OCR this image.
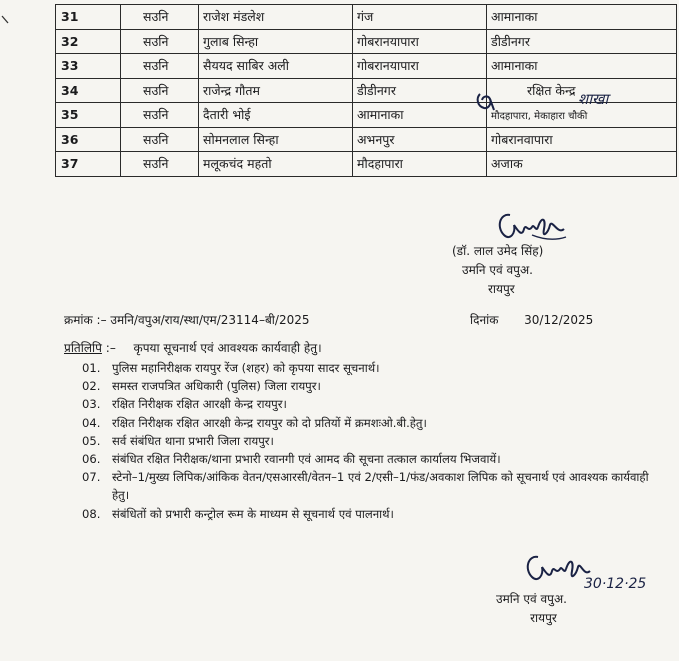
31	सउनि	राजेश मंडलेश	गंज	आमानाका
32	सउनि	गुलाब सिन्हा	गोबरानयापारा	डीडीनगर
33	सउनि	सैययद साबिर अली	गोबरानयापारा	आमानाका
34	सउनि	राजेन्द्र गौतम	डीडीनगर	रक्षित केन्द्र
35	सउनि	दैतारी भोई	आमानाका	मौदहापारा, मेकाहारा चौकी
36	सउनि	सोमनलाल सिन्हा	अभनपुर	गोबरानवापारा
37	सउनि	मलूकचंद महतो	मौदहापारा	अजाक
शाखा
(डॉ. लाल उमेद सिंह)
उमनि एवं वपुअ.
रायपुर
क्रमांक :– उमनि/वपुअ/राय/स्था/एम/23114–बी/2025	दिनांक 30/12/2025
प्रतिलिपि :– कृपया सूचनार्थ एवं आवश्यक कार्यवाही हेतु।
01. पुलिस महानिरीक्षक रायपुर रेंज (शहर) को कृपया सादर सूचनार्थ।
02. समस्त राजपत्रित अधिकारी (पुलिस) जिला रायपुर।
03. रक्षित निरीक्षक रक्षित आरक्षी केन्द्र रायपुर।
04. रक्षित निरीक्षक रक्षित आरक्षी केन्द्र रायपुर को दो प्रतियों में क्रमशःओ.बी.हेतु।
05. सर्व संबंधित थाना प्रभारी जिला रायपुर।
06. संबंधित रक्षित निरीक्षक/थाना प्रभारी रवानगी एवं आमद की सूचना तत्काल कार्यालय भिजवायें।
07. स्टेनो–1/मुख्य लिपिक/आंकिक वेतन/एसआरसी/वेतन–1 एवं 2/एसी–1/फंड/अवकाश लिपिक को सूचनार्थ एवं आवश्यक कार्यवाही हेतु।
08. संबंधितों को प्रभारी कन्ट्रोल रूम के माध्यम से सूचनार्थ एवं पालनार्थ।
30·12·25
उमनि एवं वपुअ.
रायपुर
